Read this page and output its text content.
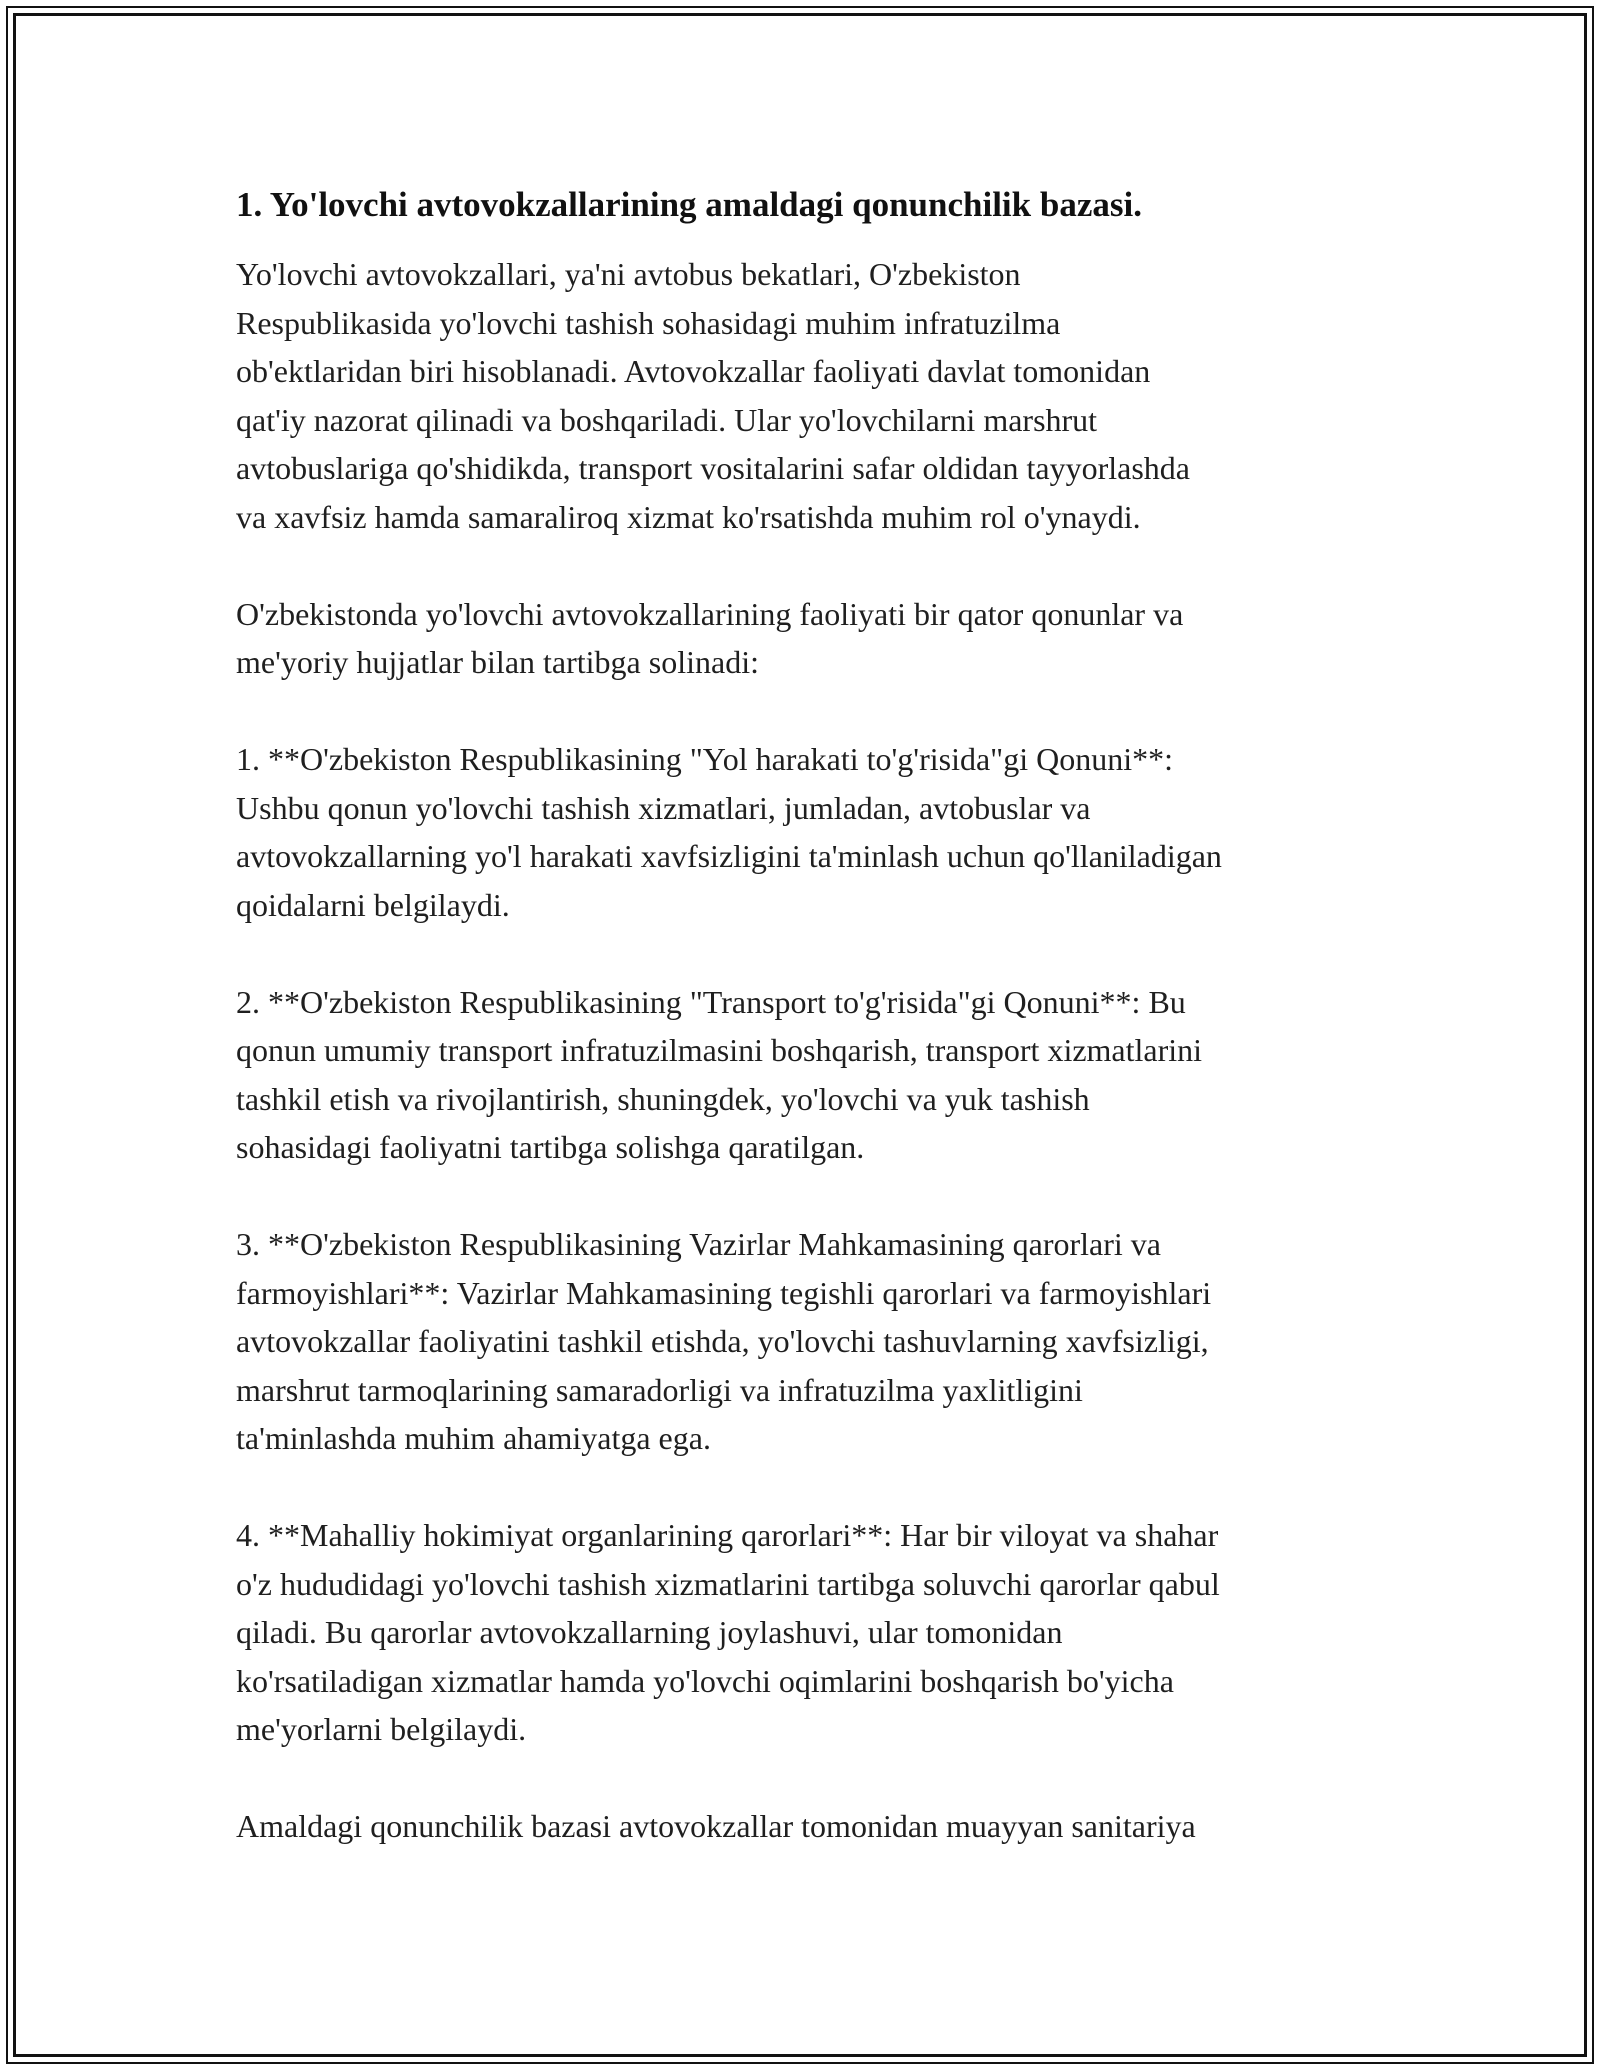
1. Yo'lovchi avtovokzallarining amaldagi qonunchilik bazasi.
Yo'lovchi avtovokzallari, ya'ni avtobus bekatlari, O'zbekiston
Respublikasida yo'lovchi tashish sohasidagi muhim infratuzilma
ob'ektlaridan biri hisoblanadi. Avtovokzallar faoliyati davlat tomonidan
qat'iy nazorat qilinadi va boshqariladi. Ular yo'lovchilarni marshrut
avtobuslariga qo'shidikda, transport vositalarini safar oldidan tayyorlashda
va xavfsiz hamda samaraliroq xizmat ko'rsatishda muhim rol o'ynaydi.
O'zbekistonda yo'lovchi avtovokzallarining faoliyati bir qator qonunlar va
me'yoriy hujjatlar bilan tartibga solinadi:
1. **O'zbekiston Respublikasining "Yol harakati to'g'risida"gi Qonuni**:
Ushbu qonun yo'lovchi tashish xizmatlari, jumladan, avtobuslar va
avtovokzallarning yo'l harakati xavfsizligini ta'minlash uchun qo'llaniladigan
qoidalarni belgilaydi.
2. **O'zbekiston Respublikasining "Transport to'g'risida"gi Qonuni**: Bu
qonun umumiy transport infratuzilmasini boshqarish, transport xizmatlarini
tashkil etish va rivojlantirish, shuningdek, yo'lovchi va yuk tashish
sohasidagi faoliyatni tartibga solishga qaratilgan.
3. **O'zbekiston Respublikasining Vazirlar Mahkamasining qarorlari va
farmoyishlari**: Vazirlar Mahkamasining tegishli qarorlari va farmoyishlari
avtovokzallar faoliyatini tashkil etishda, yo'lovchi tashuvlarning xavfsizligi,
marshrut tarmoqlarining samaradorligi va infratuzilma yaxlitligini
ta'minlashda muhim ahamiyatga ega.
4. **Mahalliy hokimiyat organlarining qarorlari**: Har bir viloyat va shahar
o'z hududidagi yo'lovchi tashish xizmatlarini tartibga soluvchi qarorlar qabul
qiladi. Bu qarorlar avtovokzallarning joylashuvi, ular tomonidan
ko'rsatiladigan xizmatlar hamda yo'lovchi oqimlarini boshqarish bo'yicha
me'yorlarni belgilaydi.
Amaldagi qonunchilik bazasi avtovokzallar tomonidan muayyan sanitariya
